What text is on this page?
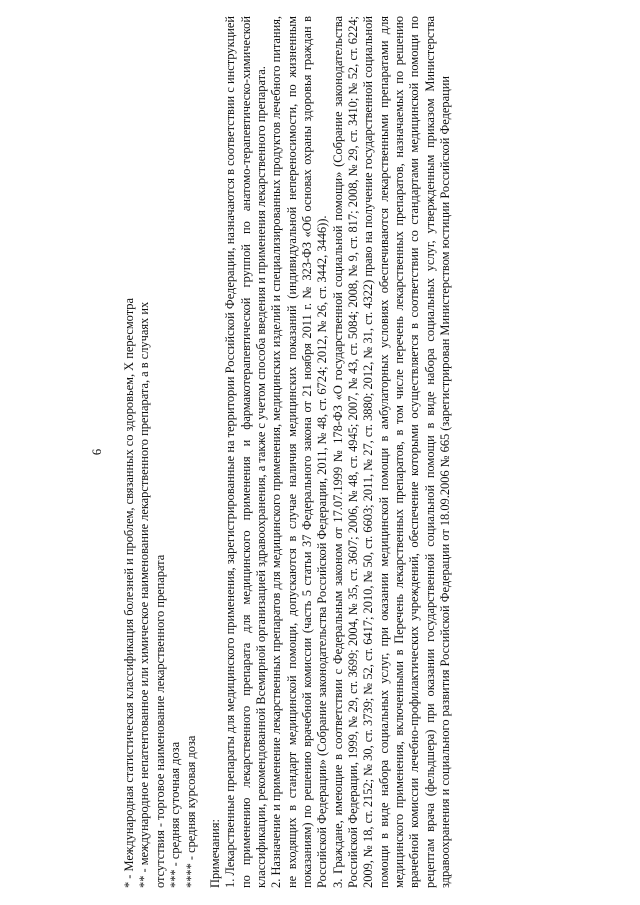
6 * - Международная статистическая классификация болезней и проблем, связанных со здоровьем, X пересмотра ** - международное непатентованное или химическое наименование лекарственного препарата, а в случаях их отсутствия - торговое наименование лекарственного препарата *** - средняя суточная доза **** - средняя курсовая доза Примечания: 1. Лекарственные препараты для медицинского применения, зарегистрированные на территории Российской Федерации, назначаются в соответствии с инструкцией по применению лекарственного препарата для медицинского применения и фармакотерапевтической группой по анатомо-терапевтическо-химической классификации, рекомендованной Всемирной организацией здравоохранения, а также с учетом способа введения и применения лекарственного препарата. 2. Назначение и применение лекарственных препаратов для медицинского применения, медицинских изделий и специализированных продуктов лечебного питания, не входящих в стандарт медицинской помощи, допускаются в случае наличия медицинских показаний (индивидуальной непереносимости, по жизненным показаниям) по решению врачебной комиссии (часть 5 статьи 37 Федерального закона от 21 ноября 2011 г. № 323-ФЗ «Об основах охраны здоровья граждан в Российской Федерации» (Собрание законодательства Российской Федерации, 2011, № 48, ст. 6724; 2012, № 26, ст. 3442, 3446)). 3. Граждане, имеющие в соответствии с Федеральным законом от 17.07.1999 № 178-ФЗ «О государственной социальной помощи» (Собрание законодательства Российской Федерации, 1999, № 29, ст. 3699; 2004, № 35, ст. 3607; 2006, № 48, ст. 4945; 2007, № 43, ст. 5084; 2008, № 9, ст. 817; 2008, № 29, ст. 3410; № 52, ст. 6224; 2009, № 18, ст. 2152; № 30, ст. 3739; № 52, ст. 6417; 2010, № 50, ст. 6603; 2011, № 27, ст. 3880; 2012, № 31, ст. 4322) право на получение государственной социальной помощи в виде набора социальных услуг, при оказании медицинской помощи в амбулаторных условиях обеспечиваются лекарственными препаратами для медицинского применения, включенными в Перечень лекарственных препаратов, в том числе перечень лекарственных препаратов, назначаемых по решению врачебной комиссии лечебно-профилактических учреждений, обеспечение которыми осуществляется в соответствии со стандартами медицинской помощи по рецептам врача (фельдшера) при оказании государственной социальной помощи в виде набора социальных услуг, утвержденным приказом Министерства здравоохранения и социального развития Российской Федерации от 18.09.2006 № 665 (зарегистрирован Министерством юстиции Российской Федерации
